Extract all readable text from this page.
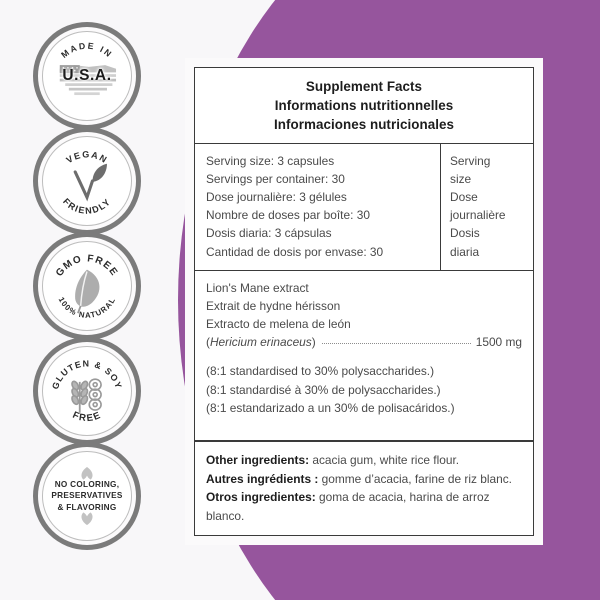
MADE IN
U.S.A.
VEGAN
FRIENDLY
GMO FREE
100% NATURAL
GLUTEN & SOY
FREE
NO COLORING,
PRESERVATIVES
& FLAVORING
Supplement Facts
Informations nutritionnelles
Informaciones nutricionales
Serving size: 3 capsules
Servings per container: 30
Dose journalière: 3 gélules
Nombre de doses par boîte: 30
Dosis diaria: 3 cápsulas
Cantidad de dosis por envase: 30
Serving
size
Dose
journalière
Dosis
diaria
Lion's Mane extract
Extrait de hydne hérisson
Extracto de melena de león
( Hericium erinaceus )	1500 mg
(8:1 standardised to 30% polysaccharides.)
(8:1 standardisé à 30% de polysaccharides.)
(8:1 estandarizado a un 30% de polisacáridos.)
Other ingredients: acacia gum, white rice flour.
Autres ingrédients : gomme d’acacia, farine de riz blanc. Otros ingredientes: goma de acacia, harina de arroz blanco.
